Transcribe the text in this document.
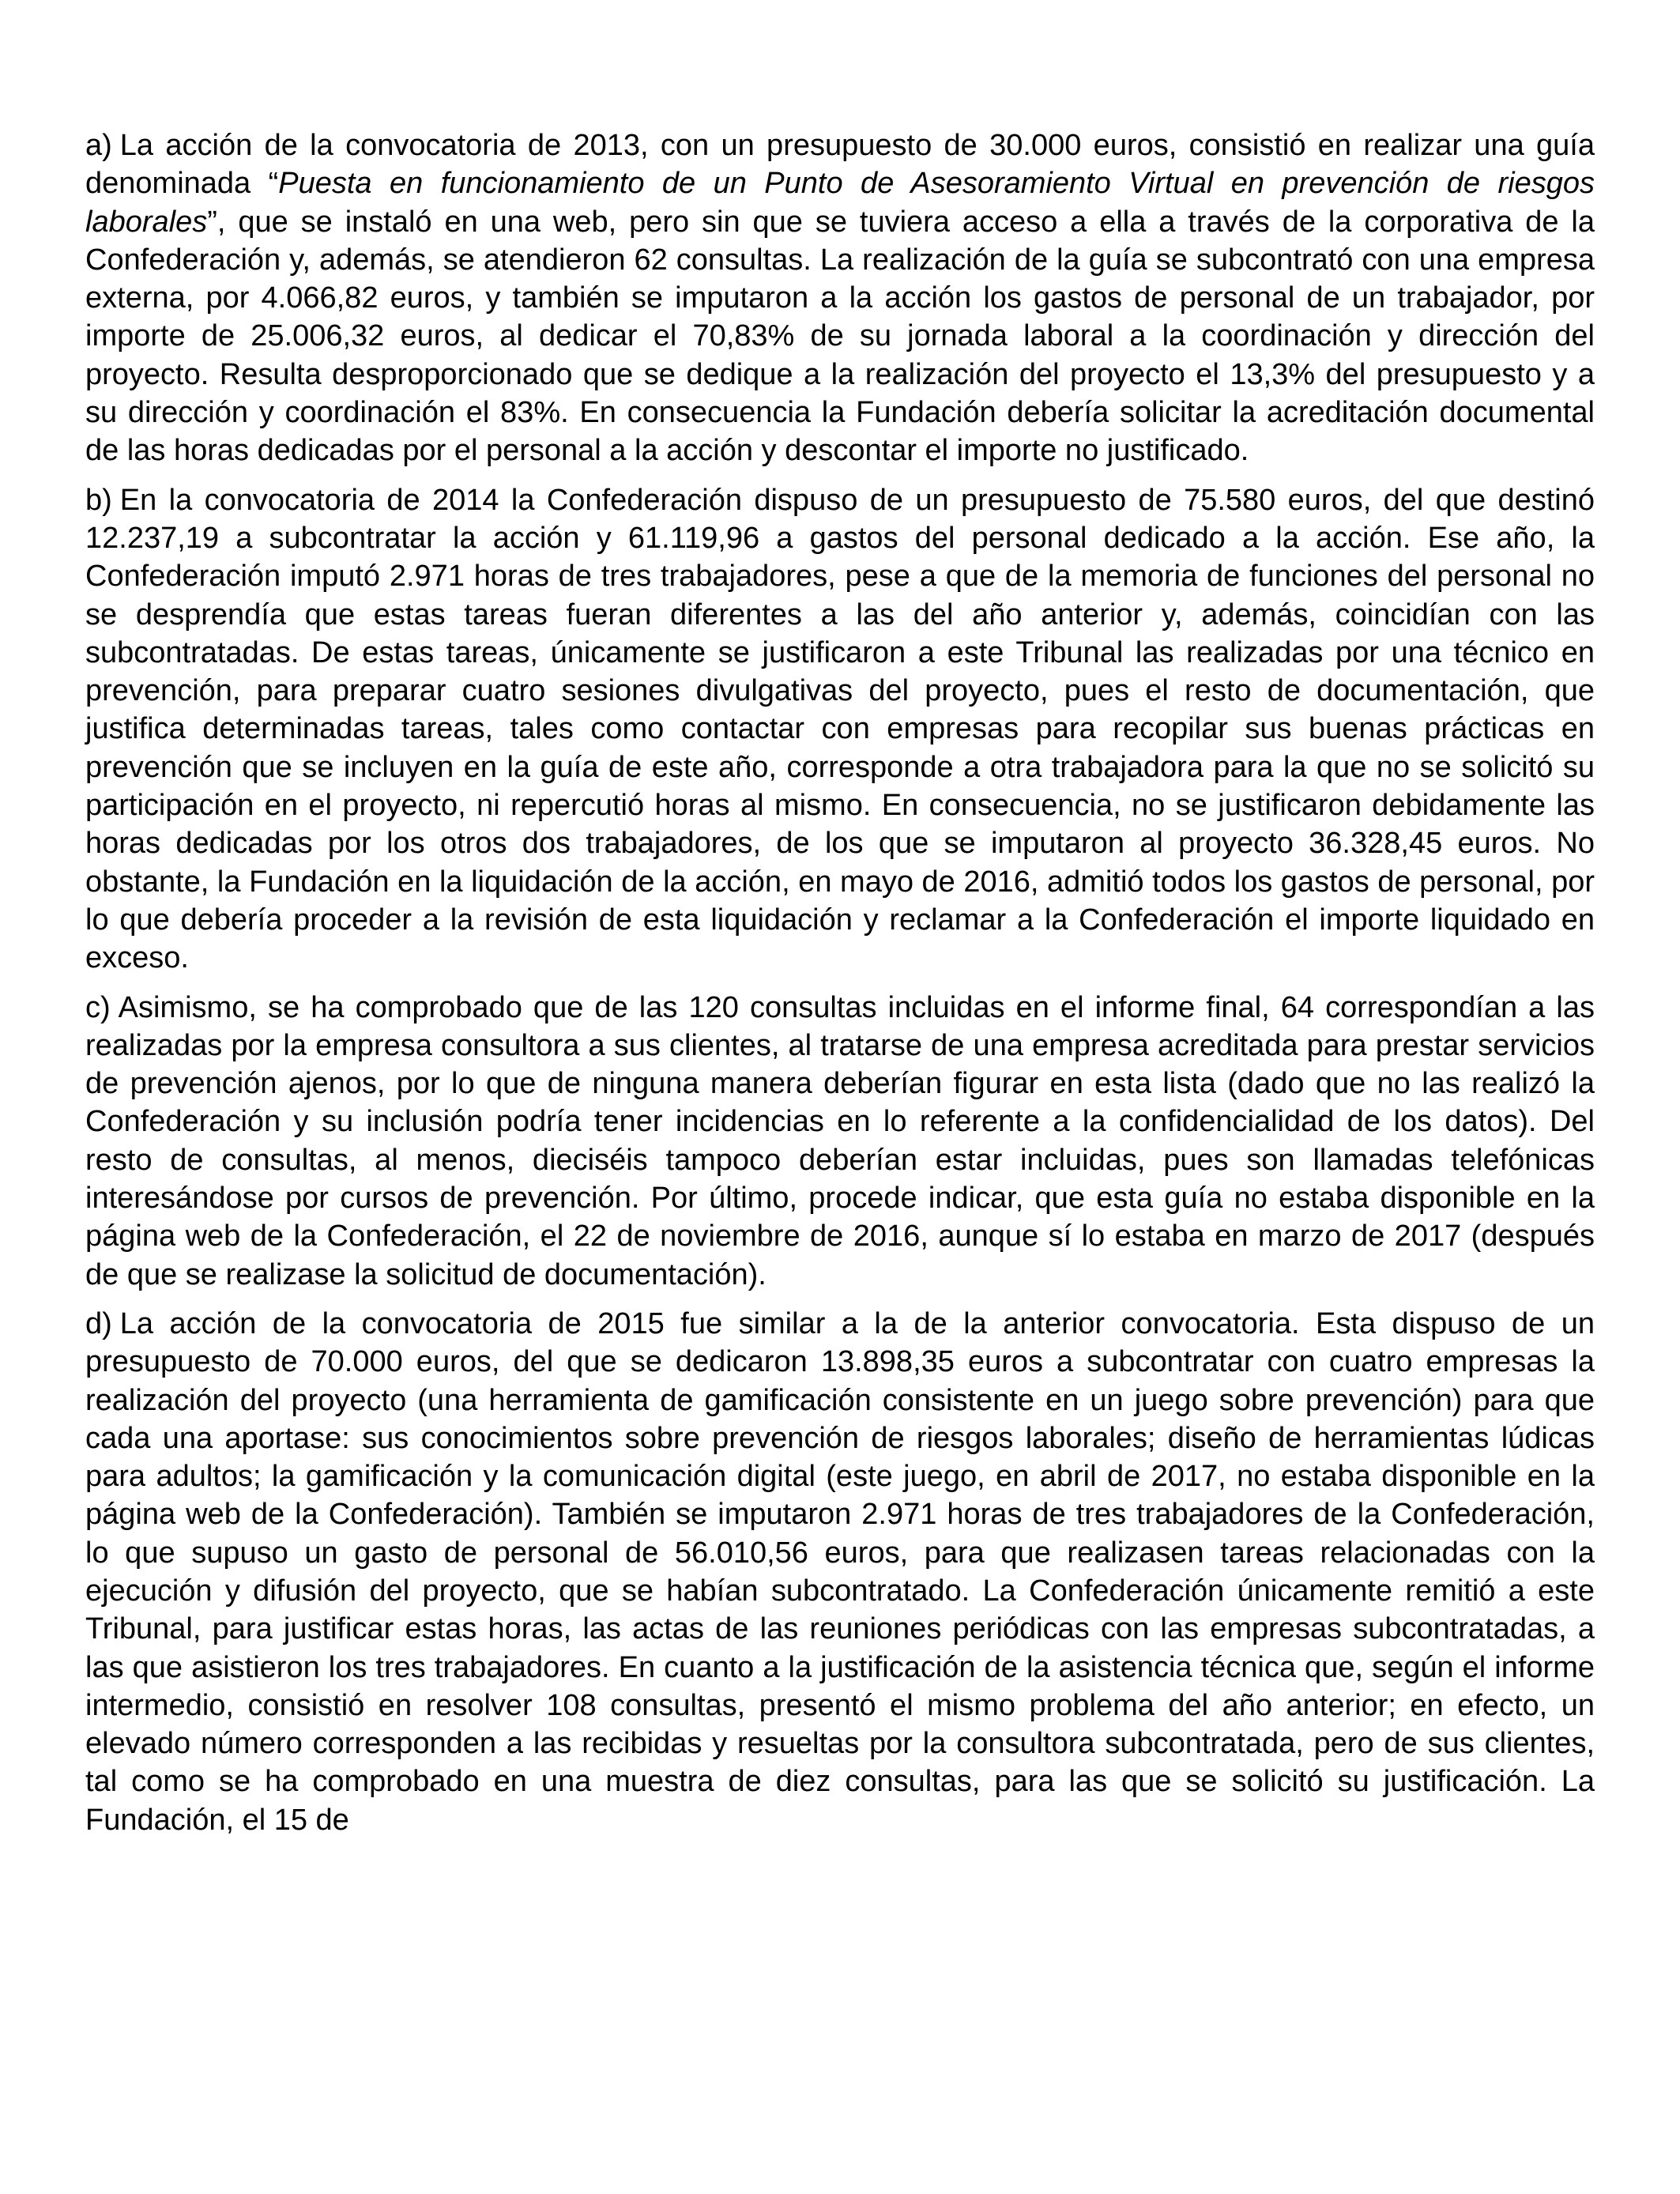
a) La acción de la convocatoria de 2013, con un presupuesto de 30.000 euros, consistió en realizar una guía denominada “Puesta en funcionamiento de un Punto de Asesoramiento Virtual en prevención de riesgos laborales”, que se instaló en una web, pero sin que se tuviera acceso a ella a través de la corporativa de la Confederación y, además, se atendieron 62 consultas. La realización de la guía se subcontrató con una empresa externa, por 4.066,82 euros, y también se imputaron a la acción los gastos de personal de un trabajador, por importe de 25.006,32 euros, al dedicar el 70,83% de su jornada laboral a la coordinación y dirección del proyecto. Resulta desproporcionado que se dedique a la realización del proyecto el 13,3% del presupuesto y a su dirección y coordinación el 83%. En consecuencia la Fundación debería solicitar la acreditación documental de las horas dedicadas por el personal a la acción y descontar el importe no justificado.

b) En la convocatoria de 2014 la Confederación dispuso de un presupuesto de 75.580 euros, del que destinó 12.237,19 a subcontratar la acción y 61.119,96 a gastos del personal dedicado a la acción. Ese año, la Confederación imputó 2.971 horas de tres trabajadores, pese a que de la memoria de funciones del personal no se desprendía que estas tareas fueran diferentes a las del año anterior y, además, coincidían con las subcontratadas. De estas tareas, únicamente se justificaron a este Tribunal las realizadas por una técnico en prevención, para preparar cuatro sesiones divulgativas del proyecto, pues el resto de documentación, que justifica determinadas tareas, tales como contactar con empresas para recopilar sus buenas prácticas en prevención que se incluyen en la guía de este año, corresponde a otra trabajadora para la que no se solicitó su participación en el proyecto, ni repercutió horas al mismo. En consecuencia, no se justificaron debidamente las horas dedicadas por los otros dos trabajadores, de los que se imputaron al proyecto 36.328,45 euros. No obstante, la Fundación en la liquidación de la acción, en mayo de 2016, admitió todos los gastos de personal, por lo que debería proceder a la revisión de esta liquidación y reclamar a la Confederación el importe liquidado en exceso.

c) Asimismo, se ha comprobado que de las 120 consultas incluidas en el informe final, 64 correspondían a las realizadas por la empresa consultora a sus clientes, al tratarse de una empresa acreditada para prestar servicios de prevención ajenos, por lo que de ninguna manera deberían figurar en esta lista (dado que no las realizó la Confederación y su inclusión podría tener incidencias en lo referente a la confidencialidad de los datos). Del resto de consultas, al menos, dieciséis tampoco deberían estar incluidas, pues son llamadas telefónicas interesándose por cursos de prevención. Por último, procede indicar, que esta guía no estaba disponible en la página web de la Confederación, el 22 de noviembre de 2016, aunque sí lo estaba en marzo de 2017 (después de que se realizase la solicitud de documentación).

d) La acción de la convocatoria de 2015 fue similar a la de la anterior convocatoria. Esta dispuso de un presupuesto de 70.000 euros, del que se dedicaron 13.898,35 euros a subcontratar con cuatro empresas la realización del proyecto (una herramienta de gamificación consistente en un juego sobre prevención) para que cada una aportase: sus conocimientos sobre prevención de riesgos laborales; diseño de herramientas lúdicas para adultos; la gamificación y la comunicación digital (este juego, en abril de 2017, no estaba disponible en la página web de la Confederación). También se imputaron 2.971 horas de tres trabajadores de la Confederación, lo que supuso un gasto de personal de 56.010,56 euros, para que realizasen tareas relacionadas con la ejecución y difusión del proyecto, que se habían subcontratado. La Confederación únicamente remitió a este Tribunal, para justificar estas horas, las actas de las reuniones periódicas con las empresas subcontratadas, a las que asistieron los tres trabajadores. En cuanto a la justificación de la asistencia técnica que, según el informe intermedio, consistió en resolver 108 consultas, presentó el mismo problema del año anterior; en efecto, un elevado número corresponden a las recibidas y resueltas por la consultora subcontratada, pero de sus clientes, tal como se ha comprobado en una muestra de diez consultas, para las que se solicitó su justificación. La Fundación, el 15 de
